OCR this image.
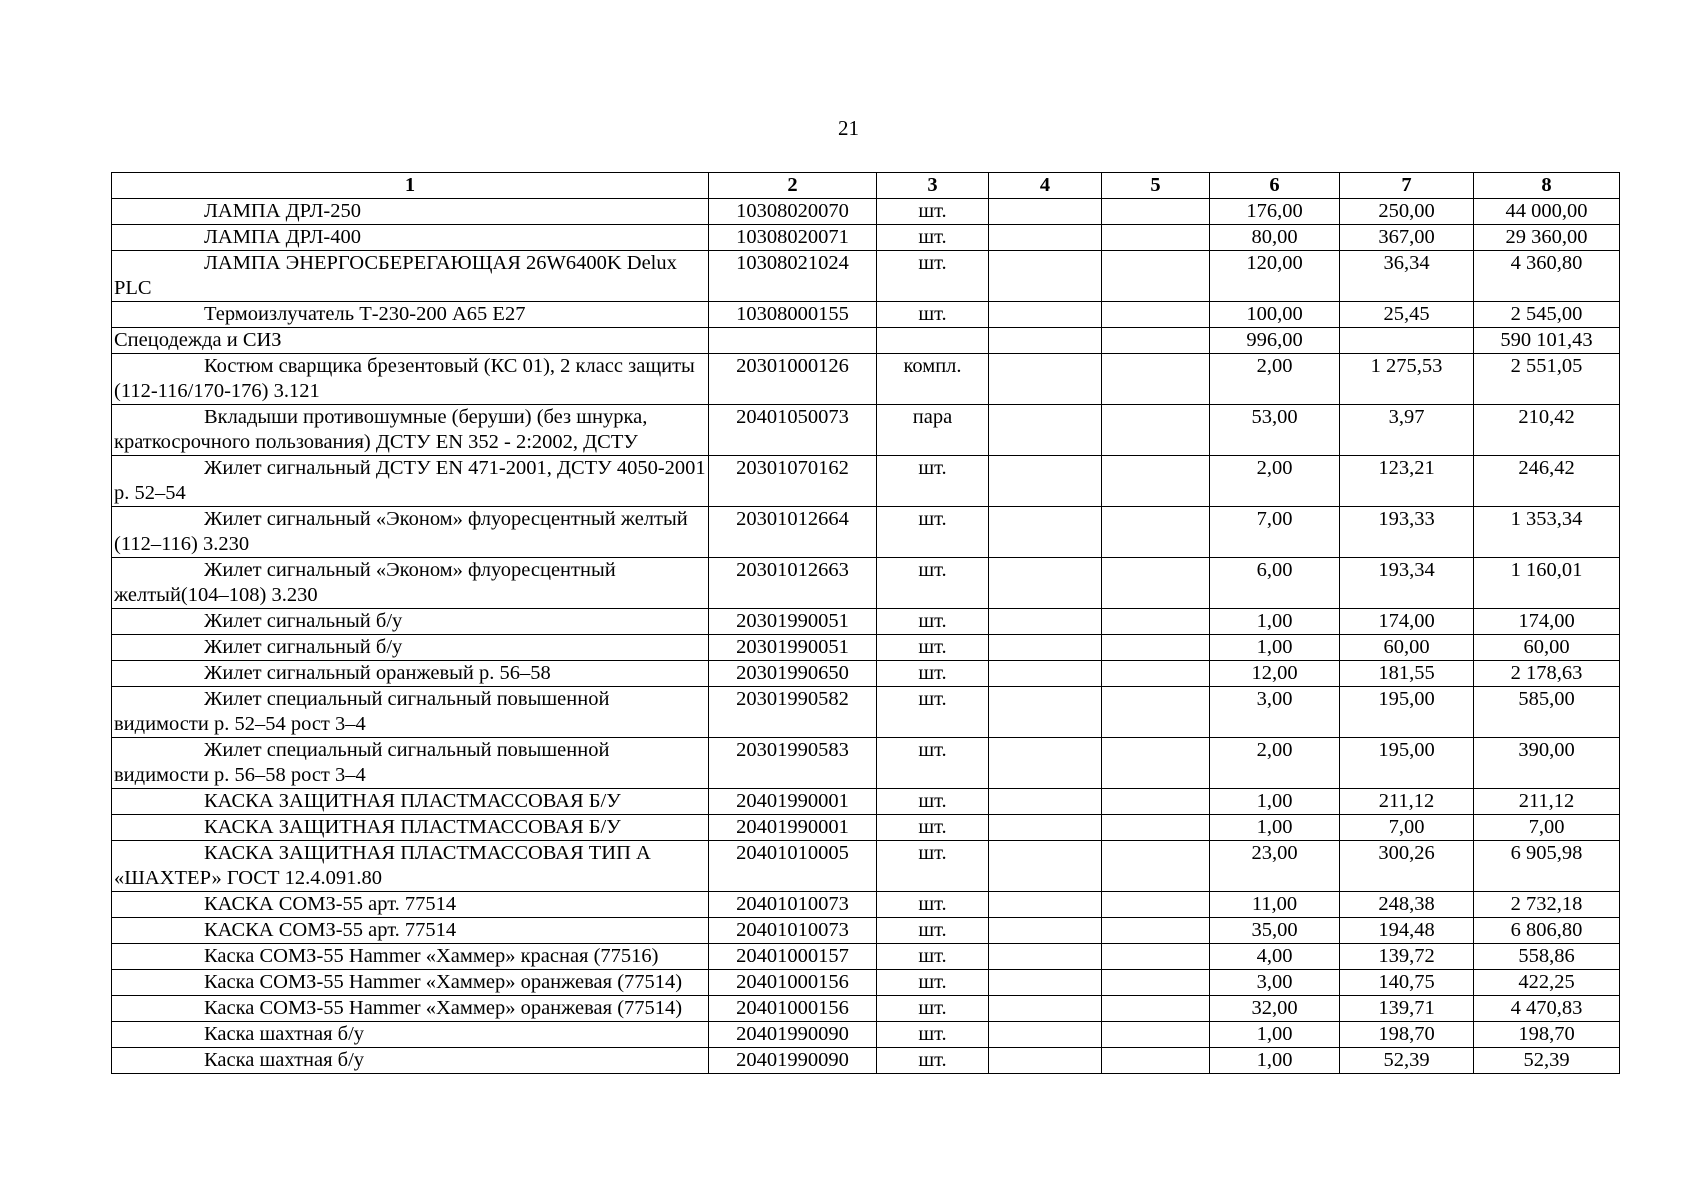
21
1	2	3	4	5	6	7	8
ЛАМПА ДРЛ-250	10308020070	шт.			176,00	250,00	44 000,00
ЛАМПА ДРЛ-400	10308020071	шт.			80,00	367,00	29 360,00
ЛАМПА ЭНЕРГОСБЕРЕГАЮЩАЯ 26W6400K Delux PLC	10308021024	шт.			120,00	36,34	4 360,80
Термоизлучатель Т-230-200 А65 Е27	10308000155	шт.			100,00	25,45	2 545,00
Спецодежда и СИЗ					996,00		590 101,43
Костюм сварщика брезентовый (КС 01), 2 класс защиты (112-116/170-176) 3.121	20301000126	компл.			2,00	1 275,53	2 551,05
Вкладыши противошумные (беруши) (без шнурка, краткосрочного пользования) ДСТУ EN 352 - 2:2002, ДСТУ	20401050073	пара			53,00	3,97	210,42
Жилет сигнальный ДСТУ EN 471-2001, ДСТУ 4050-2001 р. 52–54	20301070162	шт.			2,00	123,21	246,42
Жилет сигнальный «Эконом» флуоресцентный желтый (112–116) 3.230	20301012664	шт.			7,00	193,33	1 353,34
Жилет сигнальный «Эконом» флуоресцентный желтый(104–108) 3.230	20301012663	шт.			6,00	193,34	1 160,01
Жилет сигнальный б/у	20301990051	шт.			1,00	174,00	174,00
Жилет сигнальный б/у	20301990051	шт.			1,00	60,00	60,00
Жилет сигнальный оранжевый р. 56–58	20301990650	шт.			12,00	181,55	2 178,63
Жилет специальный сигнальный повышенной видимости р. 52–54 рост 3–4	20301990582	шт.			3,00	195,00	585,00
Жилет специальный сигнальный повышенной видимости р. 56–58 рост 3–4	20301990583	шт.			2,00	195,00	390,00
КАСКА ЗАЩИТНАЯ ПЛАСТМАССОВАЯ Б/У	20401990001	шт.			1,00	211,12	211,12
КАСКА ЗАЩИТНАЯ ПЛАСТМАССОВАЯ Б/У	20401990001	шт.			1,00	7,00	7,00
КАСКА ЗАЩИТНАЯ ПЛАСТМАССОВАЯ ТИП А «ШАХТЕР» ГОСТ 12.4.091.80	20401010005	шт.			23,00	300,26	6 905,98
КАСКА СОМЗ-55 арт. 77514	20401010073	шт.			11,00	248,38	2 732,18
КАСКА СОМЗ-55 арт. 77514	20401010073	шт.			35,00	194,48	6 806,80
Каска СОМЗ-55 Hammer «Хаммер» красная (77516)	20401000157	шт.			4,00	139,72	558,86
Каска СОМЗ-55 Hammer «Хаммер» оранжевая (77514)	20401000156	шт.			3,00	140,75	422,25
Каска СОМЗ-55 Hammer «Хаммер» оранжевая (77514)	20401000156	шт.			32,00	139,71	4 470,83
Каска шахтная б/у	20401990090	шт.			1,00	198,70	198,70
Каска шахтная б/у	20401990090	шт.			1,00	52,39	52,39
